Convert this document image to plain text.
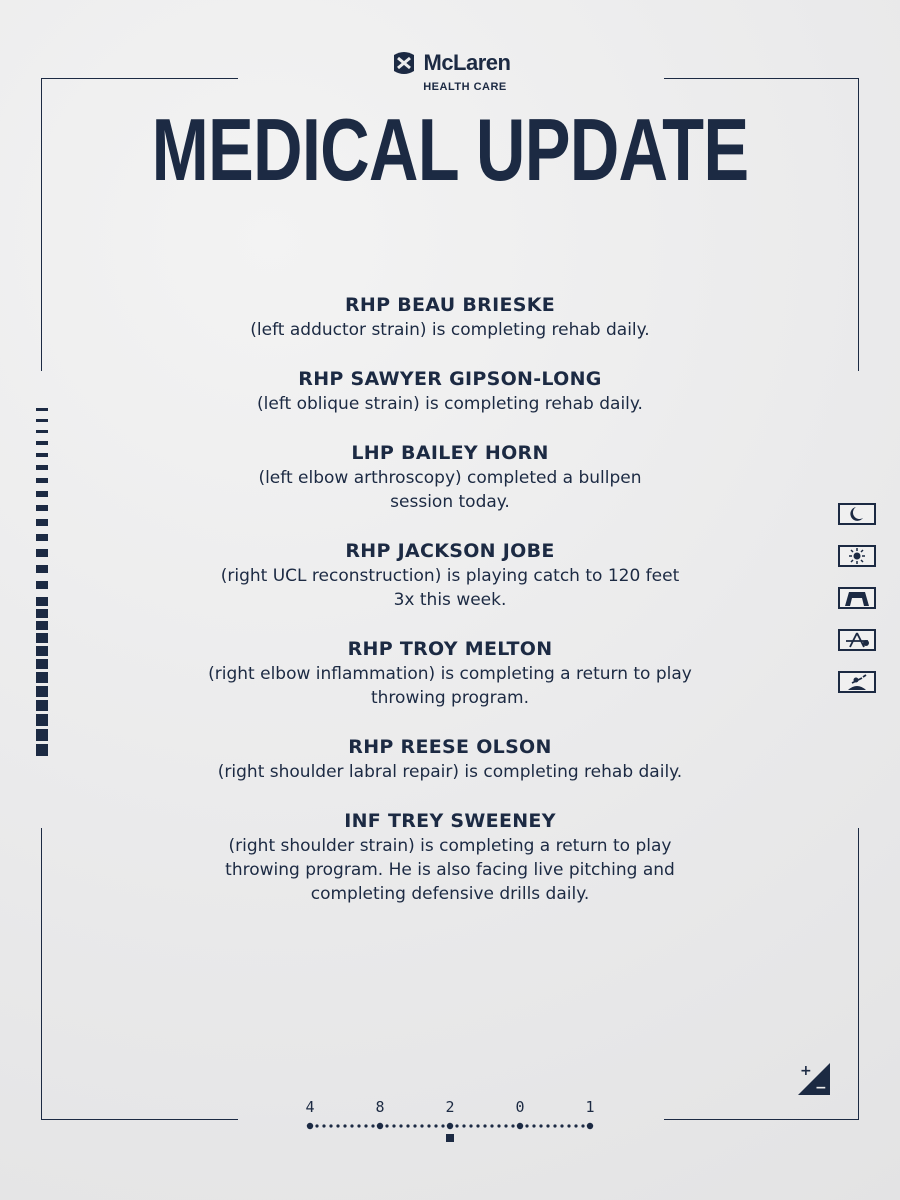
McLaren
HEALTH CARE
MEDICAL UPDATE
RHP BEAU BRIESKE
(left adductor strain) is completing rehab daily.
RHP SAWYER GIPSON-LONG
(left oblique strain) is completing rehab daily.
LHP BAILEY HORN
(left elbow arthroscopy) completed a bullpen
session today.
RHP JACKSON JOBE
(right UCL reconstruction) is playing catch to 120 feet
3x this week.
RHP TROY MELTON
(right elbow inflammation) is completing a return to play
throwing program.
RHP REESE OLSON
(right shoulder labral repair) is completing rehab daily.
INF TREY SWEENEY
(right shoulder strain) is completing a return to play
throwing program. He is also facing live pitching and
completing defensive drills daily.
4	8	2	0	1
+
−
